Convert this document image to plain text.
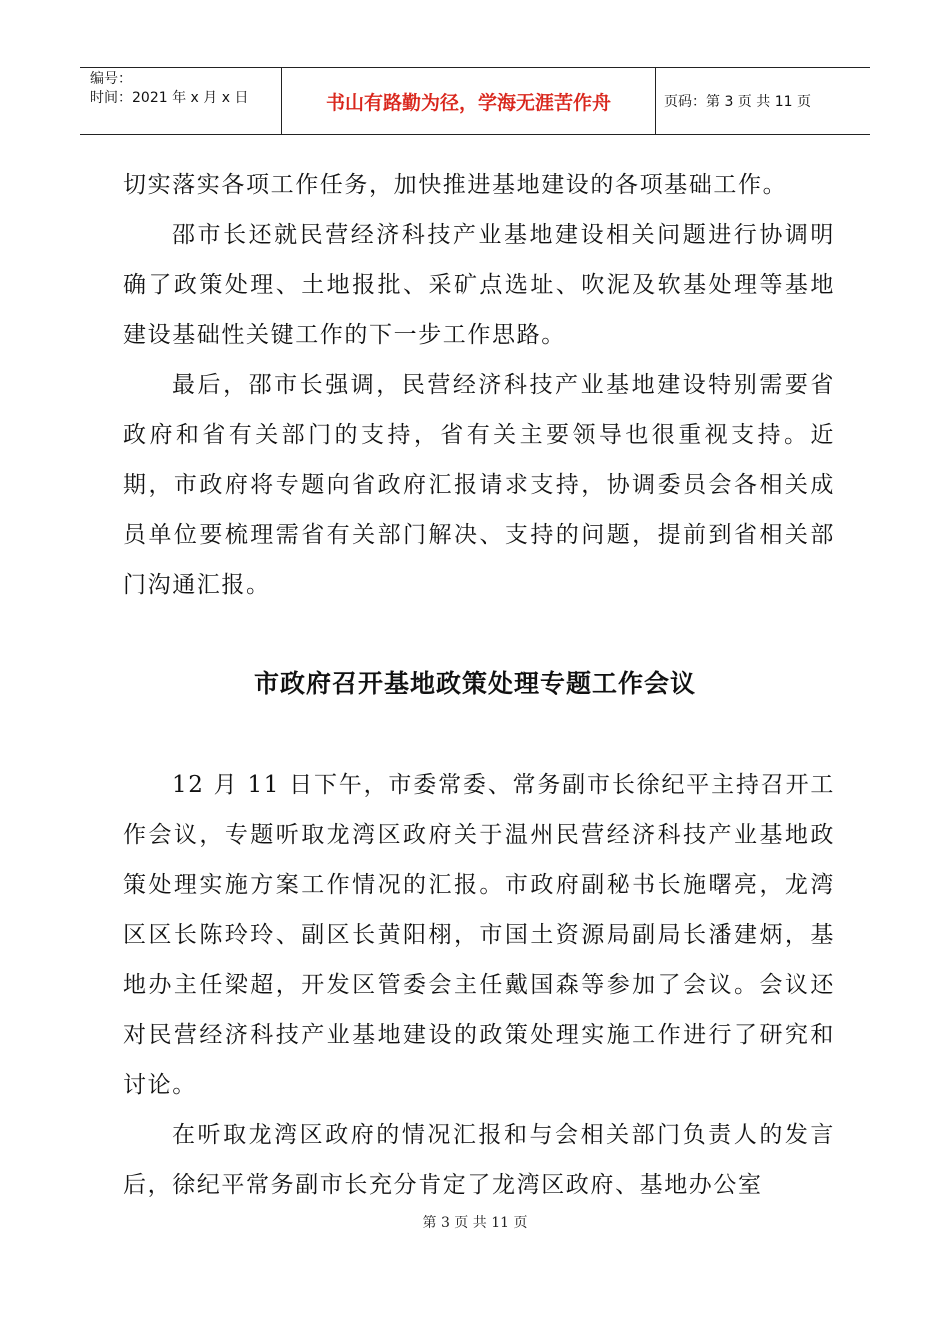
编号：
时间：2021 年 x 月 x 日	书山有路勤为径，学海无涯苦作舟	页码：第 3 页 共 11 页

切实落实各项工作任务，加快推进基地建设的各项基础工作。

邵市长还就民营经济科技产业基地建设相关问题进行协调明确了政策处理、土地报批、采矿点选址、吹泥及软基处理等基地建设基础性关键工作的下一步工作思路。

最后，邵市长强调，民营经济科技产业基地建设特别需要省政府和省有关部门的支持，省有关主要领导也很重视支持。近期，市政府将专题向省政府汇报请求支持，协调委员会各相关成员单位要梳理需省有关部门解决、支持的问题，提前到省相关部门沟通汇报。

市政府召开基地政策处理专题工作会议

12 月 11 日下午，市委常委、常务副市长徐纪平主持召开工作会议，专题听取龙湾区政府关于温州民营经济科技产业基地政策处理实施方案工作情况的汇报。市政府副秘书长施曙亮，龙湾区区长陈玲玲、副区长黄阳栩，市国土资源局副局长潘建炳，基地办主任梁超，开发区管委会主任戴国森等参加了会议。会议还对民营经济科技产业基地建设的政策处理实施工作进行了研究和讨论。

在听取龙湾区政府的情况汇报和与会相关部门负责人的发言后，徐纪平常务副市长充分肯定了龙湾区政府、基地办公室

第 3 页 共 11 页
